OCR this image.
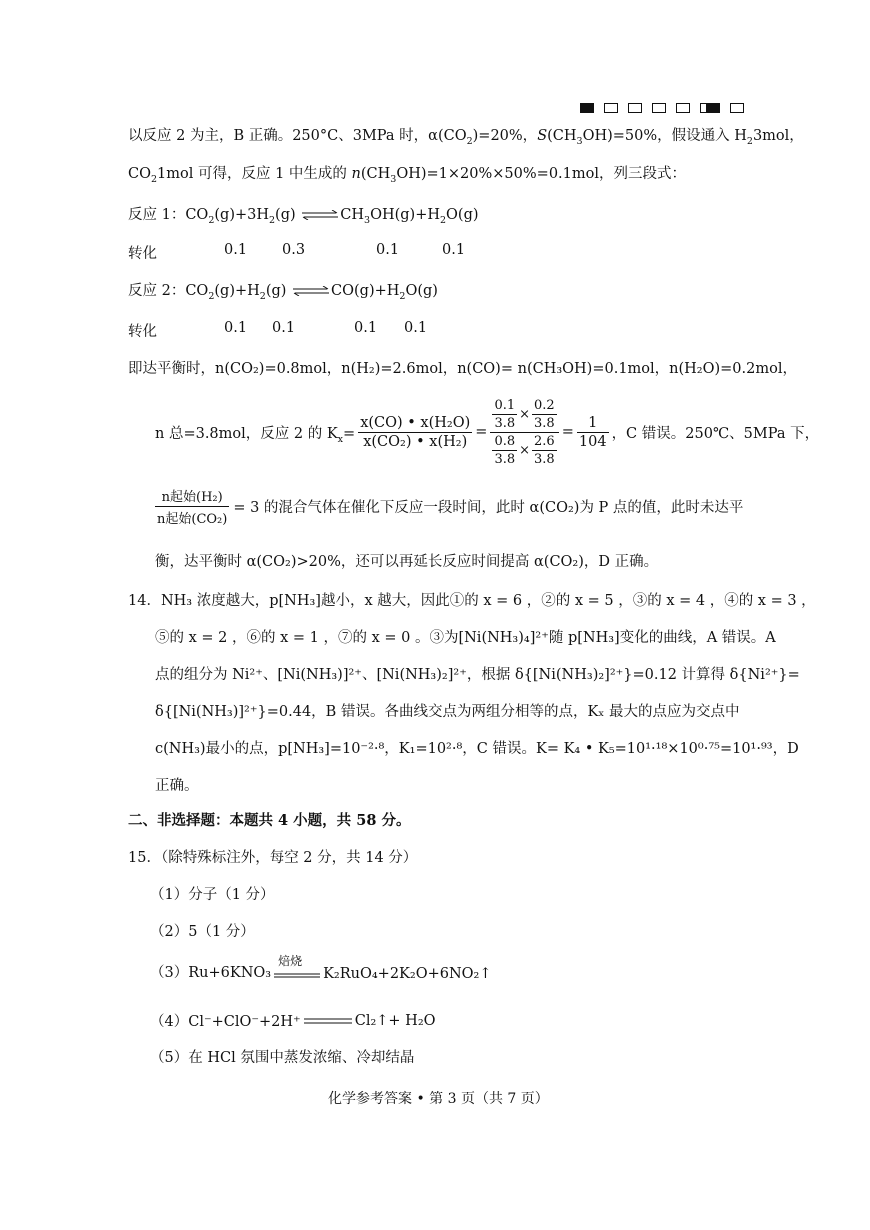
以反应 2 为主，B 正确。250°C、3MPa 时，$\alpha(CO_2)=20\%$，$S(CH_3OH)=50\%$，假设通入 $H_23mol$，
$CO_21mol$ 可得，反应 1 中生成的 $n(CH_3OH)=1\times 20\%\times 50\%=0.1mol$，列三段式：
反应 1：$CO_2(g)+3H_2(g)$ ⇌ $CH_3OH(g)+H_2O(g)$
转化	0.1 0.3	0.1	0.1
反应 2：$CO_2(g)+H_2(g)$ ⇌ $CO(g)+H_2O(g)$
转化	0.1 0.1	0.1 0.1
即达平衡时，n(CO₂)=0.8mol，n(H₂)=2.6mol，n(CO)= n(CH₃OH)=0.1mol，n(H₂O)=0.2mol，
n 总=3.8mol，反应 2 的 $K_x= \frac{\text{x(CO) • x(H₂O)}}{\text{x(CO₂) • x(H₂)}} = \frac{\frac{0.1}{3.8} \times \frac{0.2}{3.8}}{\frac{0.8}{3.8} \times \frac{2.6}{3.8}} = \frac{1}{104}$ ，C 错误。250℃、5MPa 下，
$\frac{\text{n起始(H₂)}}{\text{n起始(CO₂)}} = 3$ 的混合气体在催化下反应一段时间，此时 α(CO₂)为 P 点的值，此时未达平
衡，达平衡时 α(CO₂)>20%，还可以再延长反应时间提高 α(CO₂)，D 正确。
14．NH₃ 浓度越大，p[NH₃]越小，x 越大，因此①的 x = 6 ，②的 x = 5 ，③的 x = 4 ，④的 x = 3 ，
⑤的 x = 2 ，⑥的 x = 1 ，⑦的 x = 0 。③为[Ni(NH₃)₄]²⁺随 p[NH₃]变化的曲线，A 错误。A
点的组分为 Ni²⁺、[Ni(NH₃)]²⁺、[Ni(NH₃)₂]²⁺，根据 δ{[Ni(NH₃)₂]²⁺}=0.12 计算得 δ{Ni²⁺}=
δ{[Ni(NH₃)]²⁺}=0.44，B 错误。各曲线交点为两组分相等的点，Kₓ 最大的点应为交点中
c(NH₃)最小的点，p[NH₃]=10⁻²·⁸，K₁=10²·⁸，C 错误。K= K₄ • K₅=10¹·¹⁸×10⁰·⁷⁵=10¹·⁹³，D
正确。
二、非选择题：本题共 4 小题，共 58 分。
15．（除特殊标注外，每空 2 分，共 14 分）
（1）分子（1 分）
（2）5（1 分）
（3）Ru+6KNO₃
焙烧
K₂RuO₄+2K₂O+6NO₂↑
（4）Cl⁻+ClO⁻+2H⁺	Cl₂↑+ H₂O
（5）在 HCl 氛围中蒸发浓缩、冷却结晶
化学参考答案 • 第 3 页（共 7 页）
